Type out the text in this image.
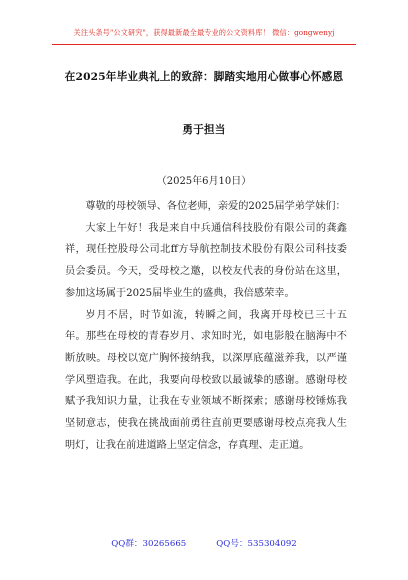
关注头条号"公文研究"，获得最新最全最专业的公文资料库！ 微信：gongwenyj
在2025年毕业典礼上的致辞：脚踏实地用心做事心怀感恩
勇于担当
（2025年6月10日）

尊敬的母校领导、各位老师，亲爱的2025届学弟学妹们：

大家上午好！我是来自中兵通信科技股份有限公司的龚鑫祥，现任控股母公司北ff方导航控制技术股份有限公司科技委员会委员。今天，受母校之邀，以校友代表的身份站在这里，参加这场属于2025届毕业生的盛典，我倍感荣幸。

岁月不居，时节如流，转瞬之间，我离开母校已三十五年。那些在母校的青春岁月、求知时光，如电影般在脑海中不断放映。母校以宽广胸怀接纳我，以深厚底蕴滋养我，以严谨学风塑造我。在此，我要向母校致以最诚挚的感谢。感谢母校赋予我知识力量，让我在专业领域不断探索；感谢母校锤炼我坚韧意志，使我在挑战面前勇往直前更要感谢母校点亮我人生明灯，让我在前进道路上坚定信念，存真理、走正道。

QQ群：30265665	QQ号：535304092
